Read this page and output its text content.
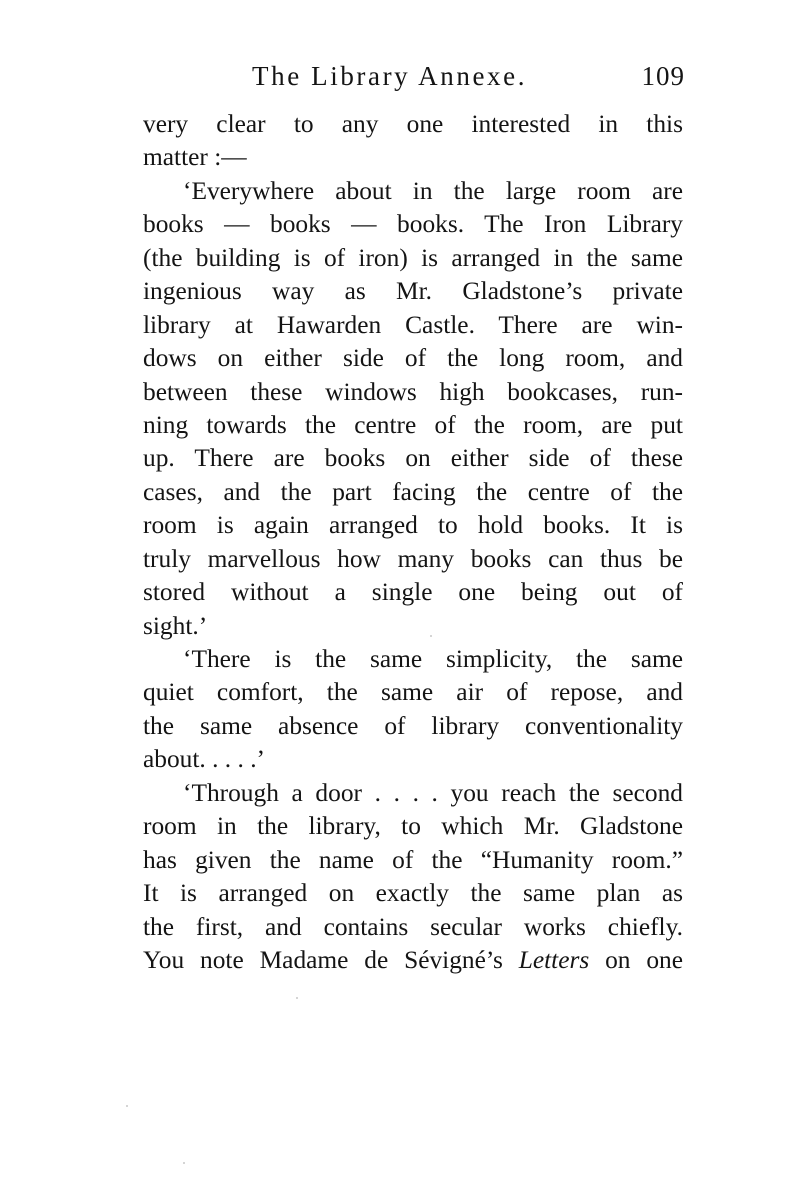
The Library Annexe.	109
very clear to any one interested in this
matter :—
‘Everywhere about in the large room are
books — books — books. The Iron Library
(the building is of iron) is arranged in the same
ingenious way as Mr. Gladstone’s private
library at Hawarden Castle. There are win-
dows on either side of the long room, and
between these windows high bookcases, run-
ning towards the centre of the room, are put
up. There are books on either side of these
cases, and the part facing the centre of the
room is again arranged to hold books. It is
truly marvellous how many books can thus be
stored without a single one being out of
sight.’
‘There is the same simplicity, the same
quiet comfort, the same air of repose, and
the same absence of library conventionality
about. . . . .’
‘Through a door . . . . you reach the second
room in the library, to which Mr. Gladstone
has given the name of the “Humanity room.”
It is arranged on exactly the same plan as
the first, and contains secular works chiefly.
You note Madame de Sévigné’s Letters on one
